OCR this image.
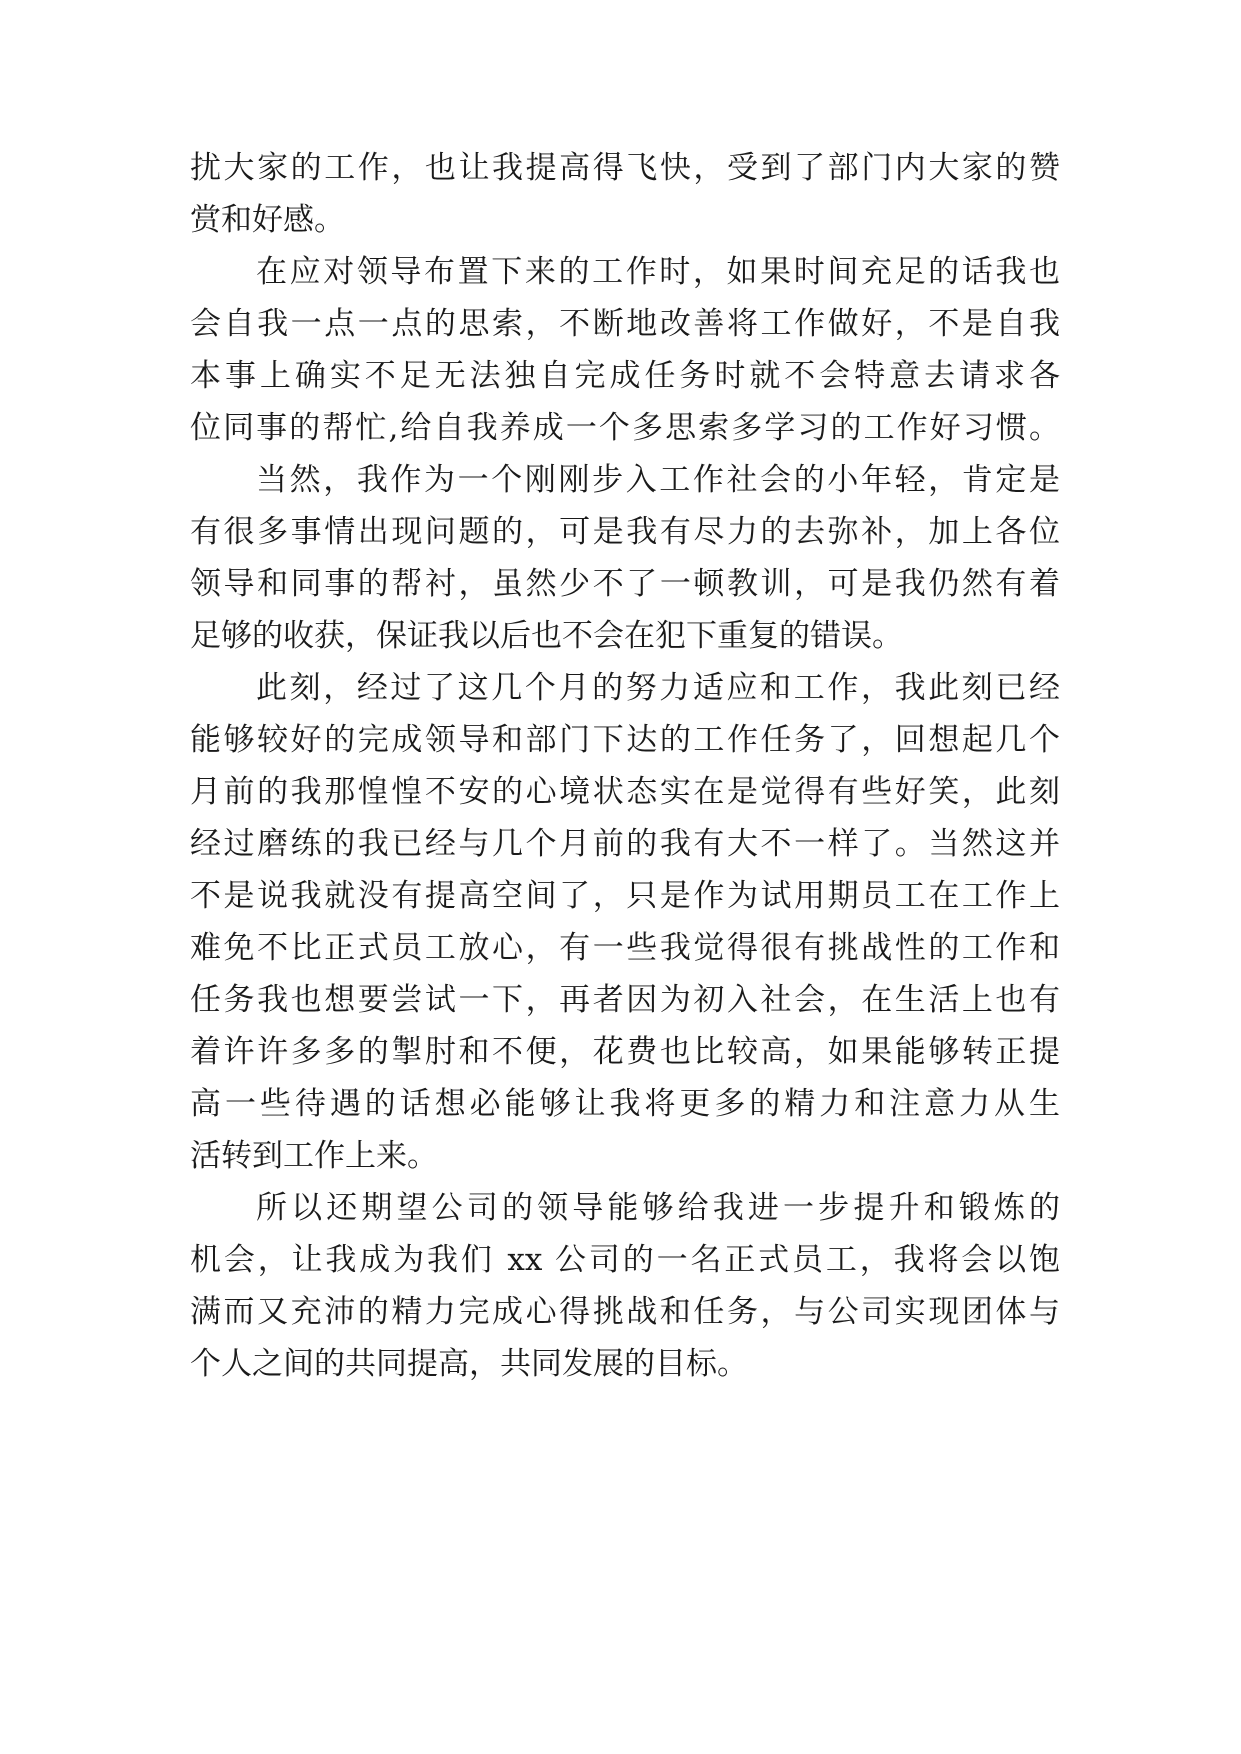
扰大家的工作，也让我提高得飞快，受到了部门内大家的赞
赏和好感。
在应对领导布置下来的工作时，如果时间充足的话我也
会自我一点一点的思索，不断地改善将工作做好，不是自我
本事上确实不足无法独自完成任务时就不会特意去请求各
位同事的帮忙,给自我养成一个多思索多学习的工作好习惯。
当然，我作为一个刚刚步入工作社会的小年轻，肯定是
有很多事情出现问题的，可是我有尽力的去弥补，加上各位
领导和同事的帮衬，虽然少不了一顿教训，可是我仍然有着
足够的收获，保证我以后也不会在犯下重复的错误。
此刻，经过了这几个月的努力适应和工作，我此刻已经
能够较好的完成领导和部门下达的工作任务了，回想起几个
月前的我那惶惶不安的心境状态实在是觉得有些好笑，此刻
经过磨练的我已经与几个月前的我有大不一样了。当然这并
不是说我就没有提高空间了，只是作为试用期员工在工作上
难免不比正式员工放心，有一些我觉得很有挑战性的工作和
任务我也想要尝试一下，再者因为初入社会，在生活上也有
着许许多多的掣肘和不便，花费也比较高，如果能够转正提
高一些待遇的话想必能够让我将更多的精力和注意力从生
活转到工作上来。
所以还期望公司的领导能够给我进一步提升和锻炼的
机会，让我成为我们 xx 公司的一名正式员工，我将会以饱
满而又充沛的精力完成心得挑战和任务，与公司实现团体与
个人之间的共同提高，共同发展的目标。
